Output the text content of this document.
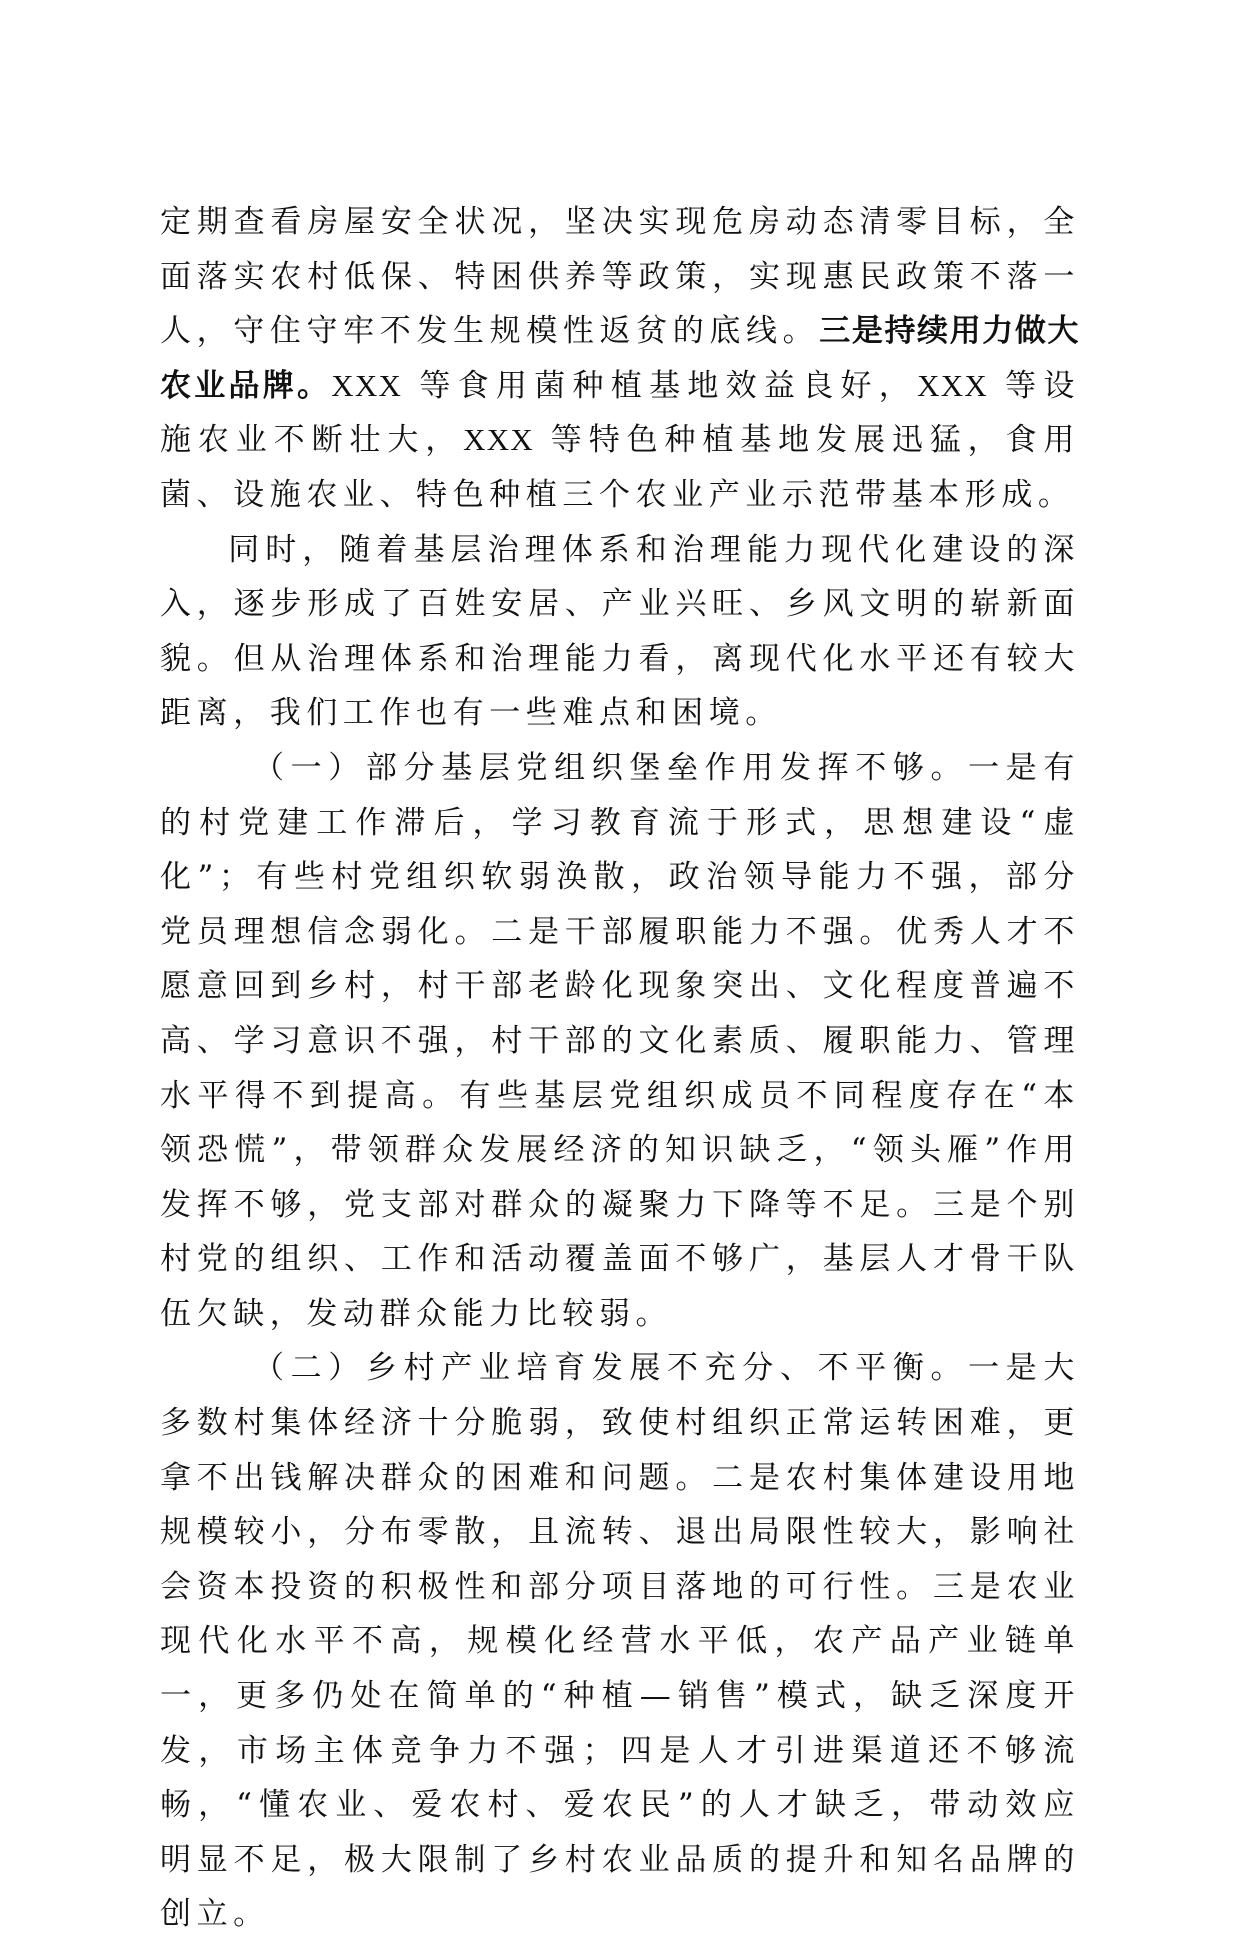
定期查看房屋安全状况，坚决实现危房动态清零目标，全面落实农村低保、特困供养等政策，实现惠民政策不落一人，守住守牢不发生规模性返贫的底线。三是持续用力做大农业品牌。XXX 等食用菌种植基地效益良好，XXX 等设施农业不断壮大，XXX 等特色种植基地发展迅猛，食用菌、设施农业、特色种植三个农业产业示范带基本形成。

同时，随着基层治理体系和治理能力现代化建设的深入，逐步形成了百姓安居、产业兴旺、乡风文明的崭新面貌。但从治理体系和治理能力看，离现代化水平还有较大距离，我们工作也有一些难点和困境。

（一）部分基层党组织堡垒作用发挥不够。一是有的村党建工作滞后，学习教育流于形式，思想建设“虚化”；有些村党组织软弱涣散，政治领导能力不强，部分党员理想信念弱化。二是干部履职能力不强。优秀人才不愿意回到乡村，村干部老龄化现象突出、文化程度普遍不高、学习意识不强，村干部的文化素质、履职能力、管理水平得不到提高。有些基层党组织成员不同程度存在“本领恐慌”，带领群众发展经济的知识缺乏，“领头雁”作用发挥不够，党支部对群众的凝聚力下降等不足。三是个别村党的组织、工作和活动覆盖面不够广，基层人才骨干队伍欠缺，发动群众能力比较弱。

（二）乡村产业培育发展不充分、不平衡。一是大多数村集体经济十分脆弱，致使村组织正常运转困难，更拿不出钱解决群众的困难和问题。二是农村集体建设用地规模较小，分布零散，且流转、退出局限性较大，影响社会资本投资的积极性和部分项目落地的可行性。三是农业现代化水平不高，规模化经营水平低，农产品产业链单一，更多仍处在简单的“种植—销售”模式，缺乏深度开发，市场主体竞争力不强；四是人才引进渠道还不够流畅，“懂农业、爱农村、爱农民”的人才缺乏，带动效应明显不足，极大限制了乡村农业品质的提升和知名品牌的创立。
